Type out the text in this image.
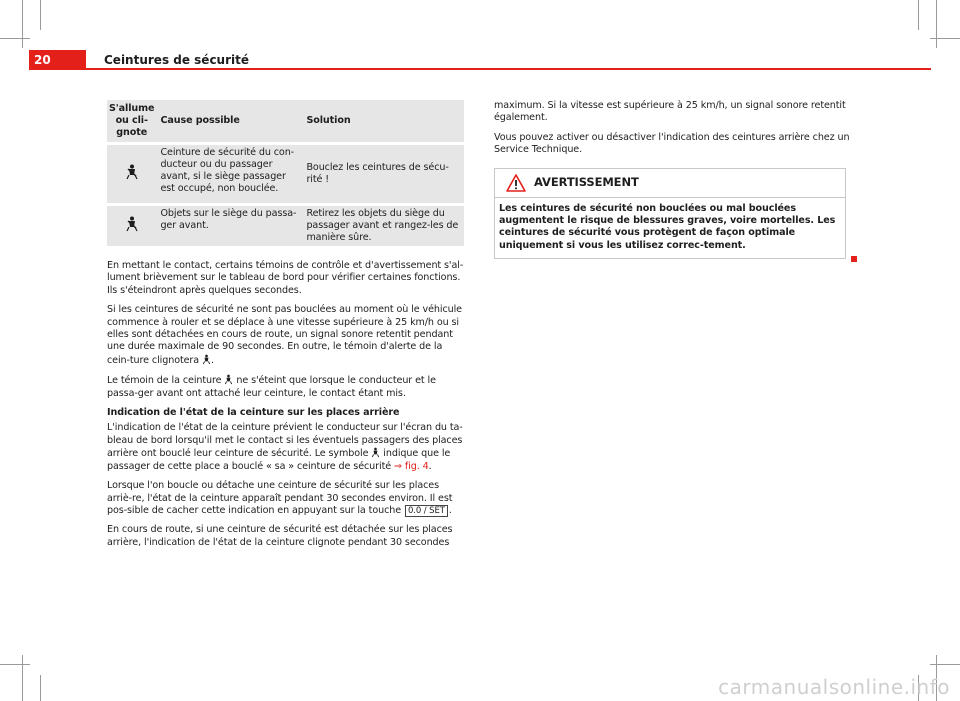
20	Ceintures de sécurité
S'allume ou cli-gnote	Cause possible	Solution
	Ceinture de sécurité du con-ducteur ou du passager avant, si le siège passager est occupé, non bouclée.	Bouclez les ceintures de sécu-rité !
	Objets sur le siège du passa-ger avant.	Retirez les objets du siège du passager avant et rangez-les de manière sûre.

En mettant le contact, certains témoins de contrôle et d'avertissement s'al-lument brièvement sur le tableau de bord pour vérifier certaines fonctions. Ils s'éteindront après quelques secondes.

Si les ceintures de sécurité ne sont pas bouclées au moment où le véhicule commence à rouler et se déplace à une vitesse supérieure à 25 km/h ou si elles sont détachées en cours de route, un signal sonore retentit pendant une durée maximale de 90 secondes. En outre, le témoin d'alerte de la cein-ture clignotera .

Le témoin de la ceinture ne s'éteint que lorsque le conducteur et le passa-ger avant ont attaché leur ceinture, le contact étant mis.

Indication de l'état de la ceinture sur les places arrière

L'indication de l'état de la ceinture prévient le conducteur sur l'écran du ta-bleau de bord lorsqu'il met le contact si les éventuels passagers des places arrière ont bouclé leur ceinture de sécurité. Le symbole indique que le passager de cette place a bouclé « sa » ceinture de sécurité ⇒ fig. 4.

Lorsque l'on boucle ou détache une ceinture de sécurité sur les places arriè-re, l'état de la ceinture apparaît pendant 30 secondes environ. Il est pos-sible de cacher cette indication en appuyant sur la touche 0.0 / SET .

En cours de route, si une ceinture de sécurité est détachée sur les places arrière, l'indication de l'état de la ceinture clignote pendant 30 secondes

maximum. Si la vitesse est supérieure à 25 km/h, un signal sonore retentit également.

Vous pouvez activer ou désactiver l'indication des ceintures arrière chez un Service Technique.

AVERTISSEMENT
Les ceintures de sécurité non bouclées ou mal bouclées augmentent le risque de blessures graves, voire mortelles. Les ceintures de sécurité vous protègent de façon optimale uniquement si vous les utilisez correc-tement.
carmanualsonline.info
